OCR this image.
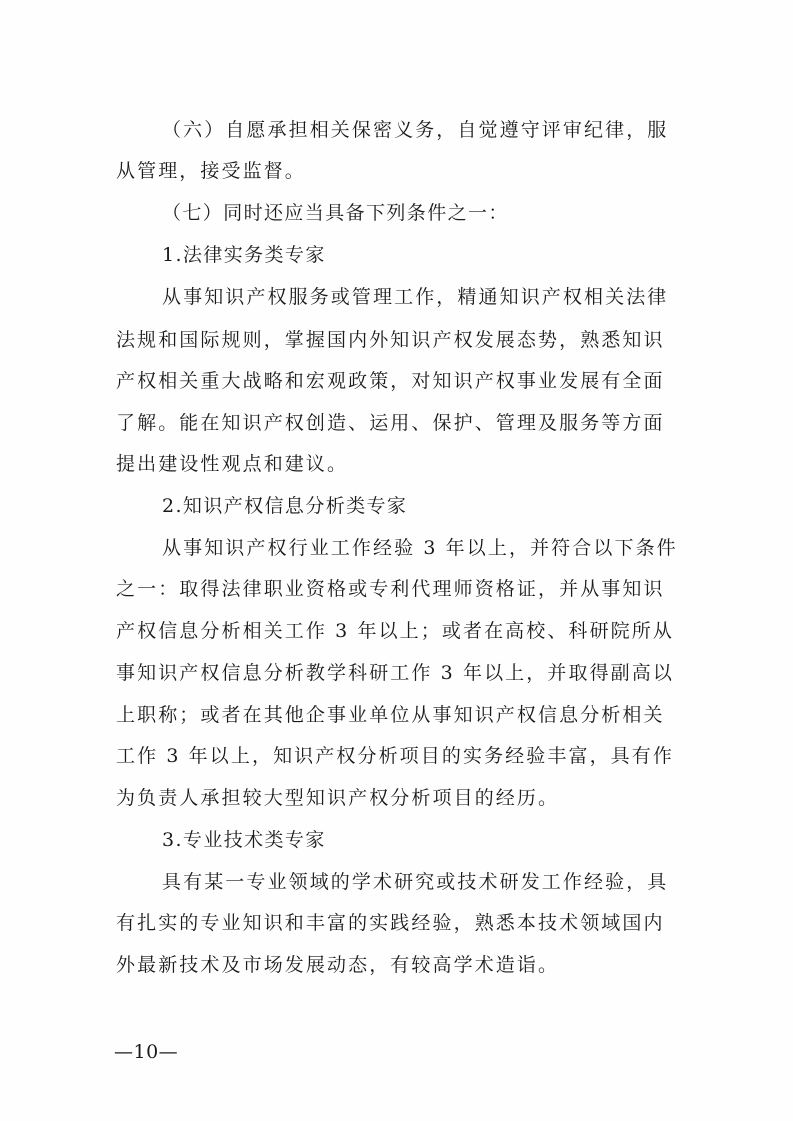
（六）自愿承担相关保密义务，自觉遵守评审纪律，服
从管理，接受监督。
（七）同时还应当具备下列条件之一：
1.法律实务类专家
从事知识产权服务或管理工作，精通知识产权相关法律
法规和国际规则，掌握国内外知识产权发展态势，熟悉知识
产权相关重大战略和宏观政策，对知识产权事业发展有全面
了解。能在知识产权创造、运用、保护、管理及服务等方面
提出建设性观点和建议。
2.知识产权信息分析类专家
从事知识产权行业工作经验 3 年以上，并符合以下条件
之一：取得法律职业资格或专利代理师资格证，并从事知识
产权信息分析相关工作 3 年以上；或者在高校、科研院所从
事知识产权信息分析教学科研工作 3 年以上，并取得副高以
上职称；或者在其他企事业单位从事知识产权信息分析相关
工作 3 年以上，知识产权分析项目的实务经验丰富，具有作
为负责人承担较大型知识产权分析项目的经历。
3.专业技术类专家
具有某一专业领域的学术研究或技术研发工作经验，具
有扎实的专业知识和丰富的实践经验，熟悉本技术领域国内
外最新技术及市场发展动态，有较高学术造诣。
—10—
